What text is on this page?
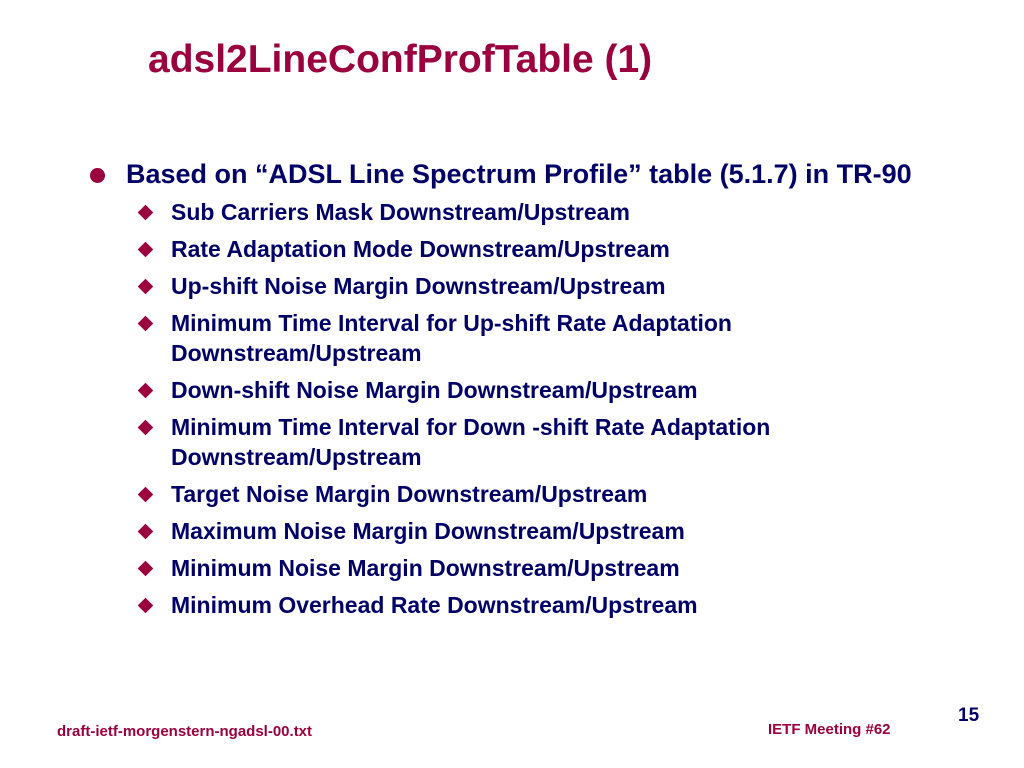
adsl2LineConfProfTable (1)
Based on “ADSL Line Spectrum Profile” table (5.1.7) in TR-90
Sub Carriers Mask Downstream/Upstream
Rate Adaptation Mode Downstream/Upstream
Up-shift Noise Margin Downstream/Upstream
Minimum Time Interval for Up-shift Rate Adaptation Downstream/Upstream
Down-shift Noise Margin Downstream/Upstream
Minimum Time Interval for Down -shift Rate Adaptation Downstream/Upstream
Target Noise Margin Downstream/Upstream
Maximum Noise Margin Downstream/Upstream
Minimum Noise Margin Downstream/Upstream
Minimum Overhead Rate Downstream/Upstream
15
draft-ietf-morgenstern-ngadsl-00.txt	IETF Meeting #62
